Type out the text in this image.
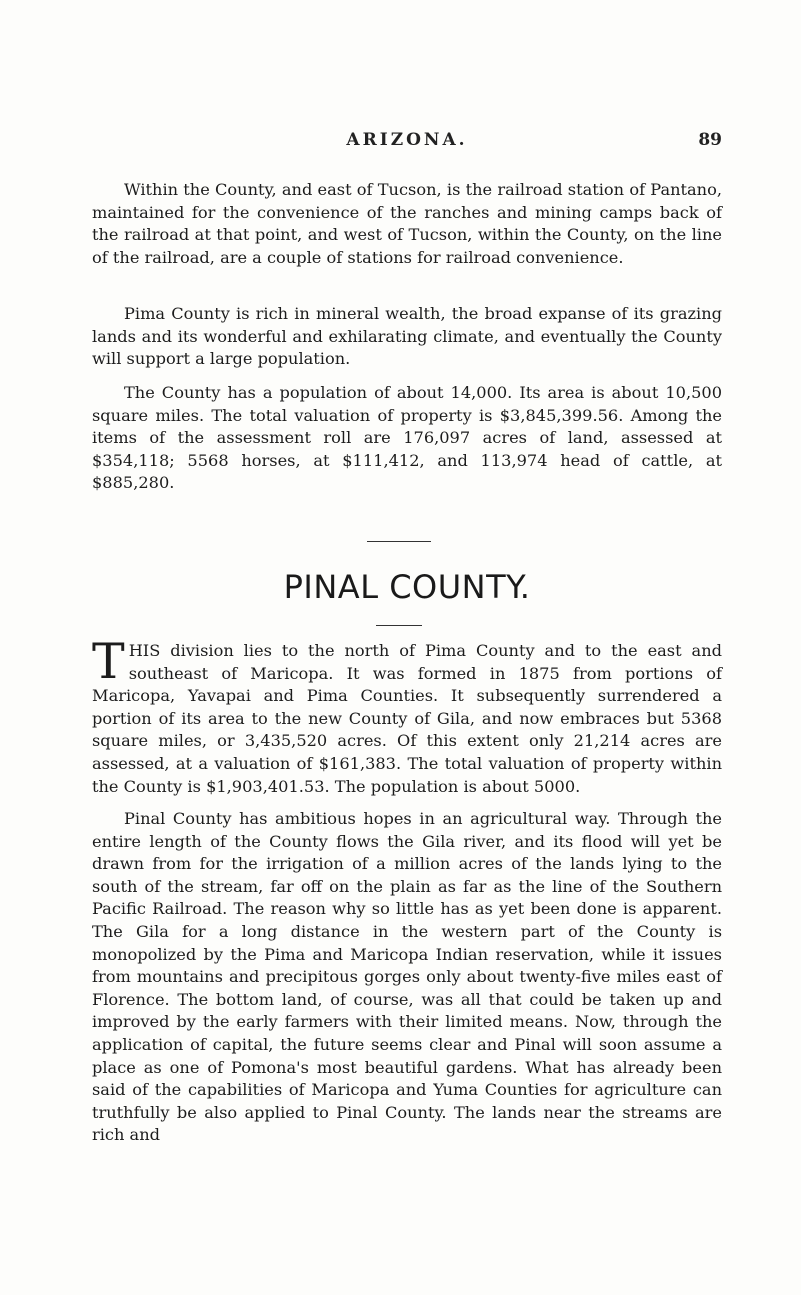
ARIZONA.	89

Within the County, and east of Tucson, is the railroad station of Pantano, maintained for the convenience of the ranches and mining camps back of the railroad at that point, and west of Tucson, within the County, on the line of the railroad, are a couple of stations for railroad convenience.

Pima County is rich in mineral wealth, the broad expanse of its grazing lands and its wonderful and exhilarating climate, and eventually the County will support a large population.

The County has a population of about 14,000. Its area is about 10,500 square miles. The total valuation of property is $3,845,399.56. Among the items of the assessment roll are 176,097 acres of land, assessed at $354,118; 5568 horses, at $111,412, and 113,974 head of cattle, at $885,280.

PINAL COUNTY.

THIS division lies to the north of Pima County and to the east and southeast of Maricopa. It was formed in 1875 from portions of Maricopa, Yavapai and Pima Counties. It subsequently surrendered a portion of its area to the new County of Gila, and now embraces but 5368 square miles, or 3,435,520 acres. Of this extent only 21,214 acres are assessed, at a valuation of $161,383. The total valuation of property within the County is $1,903,401.53. The population is about 5000.

Pinal County has ambitious hopes in an agricultural way. Through the entire length of the County flows the Gila river, and its flood will yet be drawn from for the irrigation of a million acres of the lands lying to the south of the stream, far off on the plain as far as the line of the Southern Pacific Railroad. The reason why so little has as yet been done is apparent. The Gila for a long distance in the western part of the County is monopolized by the Pima and Maricopa Indian reservation, while it issues from mountains and precipitous gorges only about twenty-five miles east of Florence. The bottom land, of course, was all that could be taken up and improved by the early farmers with their limited means. Now, through the application of capital, the future seems clear and Pinal will soon assume a place as one of Pomona's most beautiful gardens. What has already been said of the capabilities of Maricopa and Yuma Counties for agriculture can truthfully be also applied to Pinal County. The lands near the streams are rich and
